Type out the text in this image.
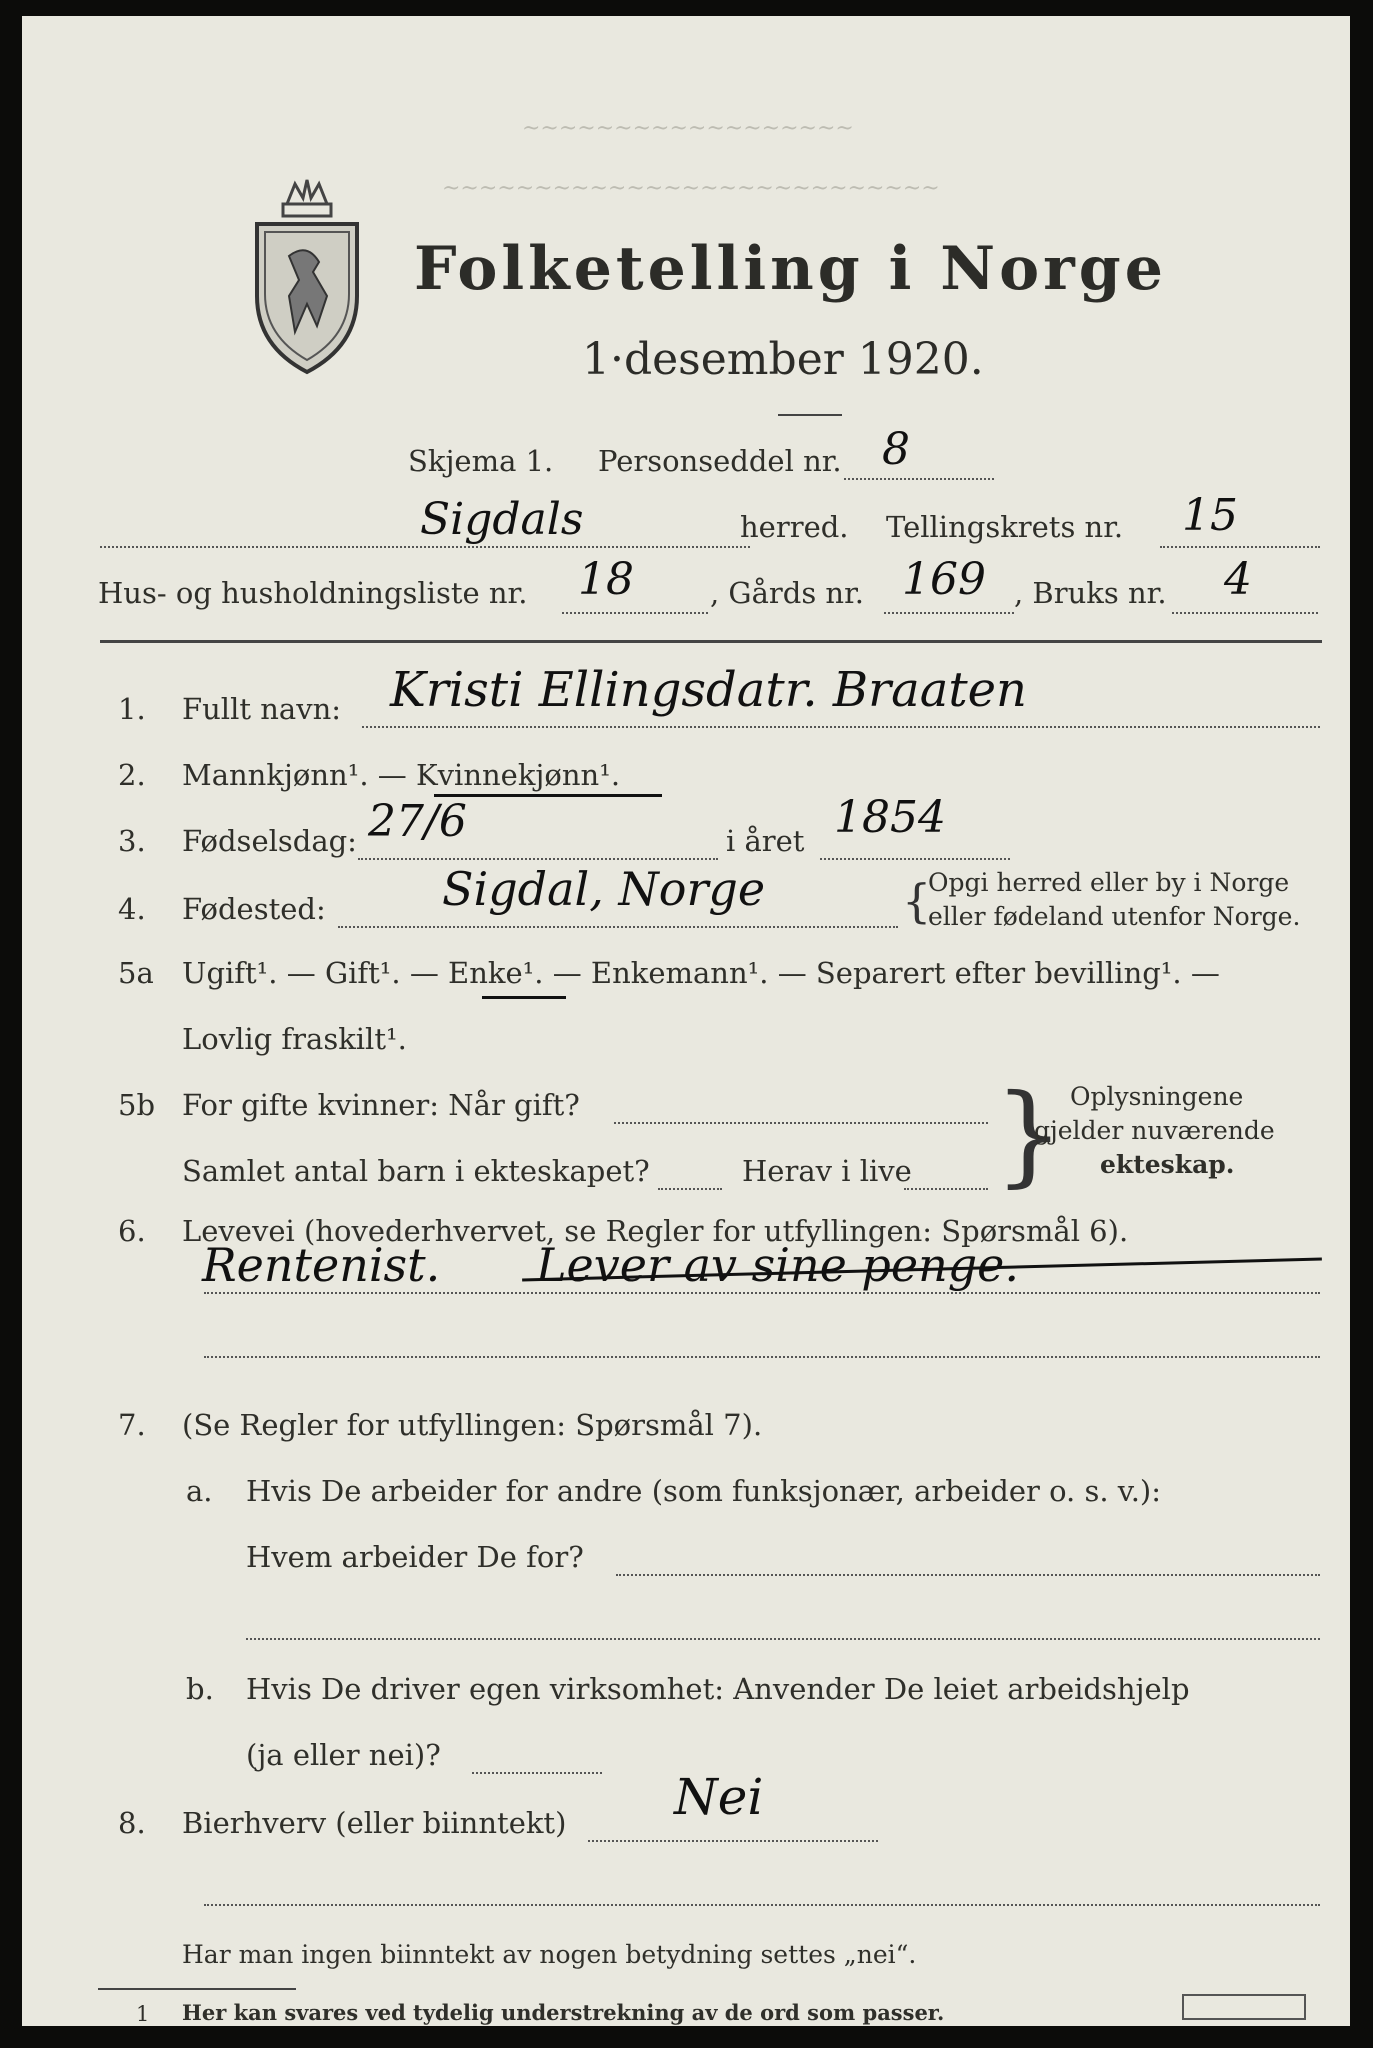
~~~~~~~~~~~~~~~~~~
~~~~~~~~~~~~~~~~~~~~~~~~~~~
Folketelling i Norge
1·desember 1920.
Skjema 1. Personseddel nr. 8
Sigdals	herred. Tellingskrets nr. 15
Hus- og husholdningsliste nr. 18	, Gårds nr. 169 , Bruks nr. 4
1. Fullt navn: Kristi Ellingsdatr. Braaten
2. Mannkjønn¹. — Kvinnekjønn¹.
3. Fødselsdag: 27/6	i året 1854
4. Fødested:	Sigdal, Norge	{
Opgi herred eller by i Norge
eller fødeland utenfor Norge.
5a Ugift¹. — Gift¹. — Enke¹. — Enkemann¹. — Separert efter bevilling¹. —
Lovlig fraskilt¹.
5b For gifte kvinner: Når gift?
Samlet antal barn i ekteskapet?	Herav i live } Oplysningene
gjelder nuværende
ekteskap.
6. Levevei (hovederhvervet, se Regler for utfyllingen: Spørsmål 6).
Rentenist. Lever av sine penge.
7. (Se Regler for utfyllingen: Spørsmål 7).
a. Hvis De arbeider for andre (som funksjonær, arbeider o. s. v.):
Hvem arbeider De for?
b. Hvis De driver egen virksomhet: Anvender De leiet arbeidshjelp
(ja eller nei)?
8. Bierhverv (eller biinntekt) Nei
Har man ingen biinntekt av nogen betydning settes „nei“.
1 Her kan svares ved tydelig understrekning av de ord som passer.
